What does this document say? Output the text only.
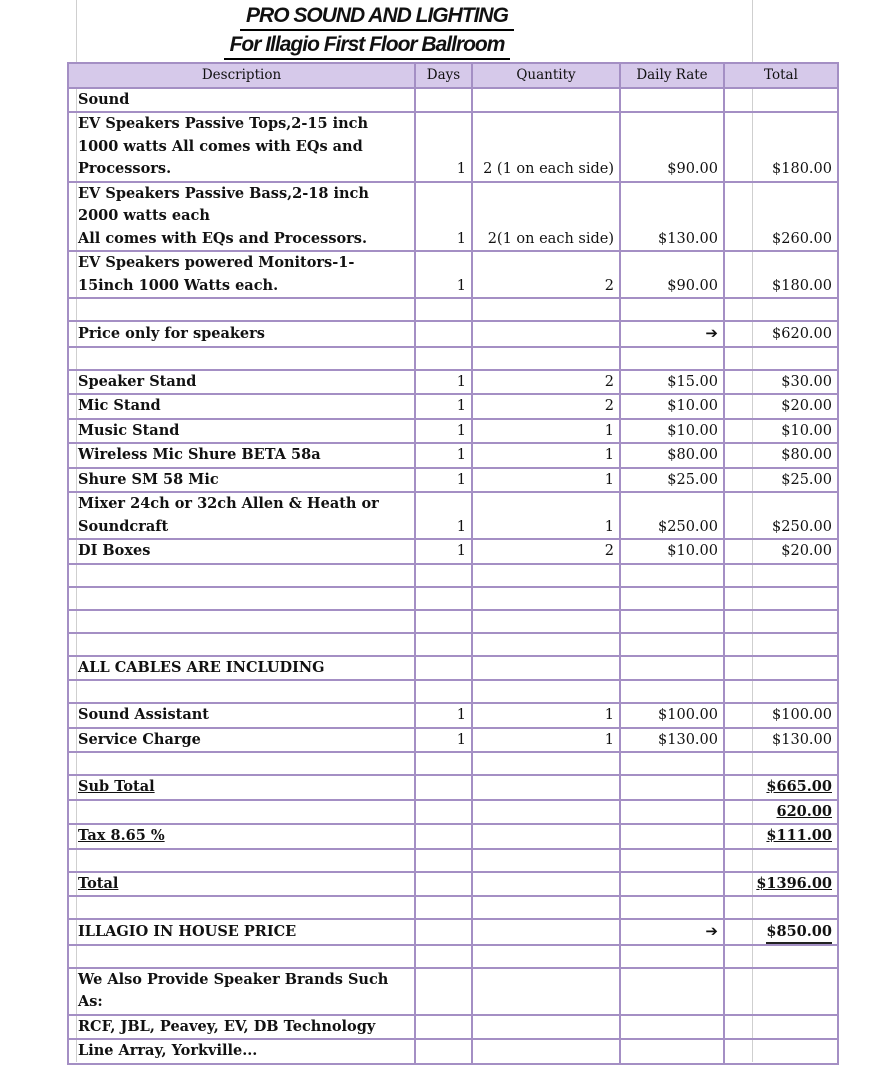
PRO SOUND AND LIGHTING
For Illagio First Floor Ballroom
Description	Days	Quantity	Daily Rate	Total
Sound				
EV Speakers Passive Tops,2-15 inch
1000 watts All comes with EQs and
Processors.	1	2 (1 on each side)	$90.00	$180.00
EV Speakers Passive Bass,2-18 inch
2000 watts each
All comes with EQs and Processors.	1	2(1 on each side)	$130.00	$260.00
EV Speakers powered Monitors-1-
15inch 1000 Watts each.	1	2	$90.00	$180.00

Price only for speakers			➔	$620.00

Speaker Stand	1	2	$15.00	$30.00
Mic Stand	1	2	$10.00	$20.00
Music Stand	1	1	$10.00	$10.00
Wireless Mic Shure BETA 58a	1	1	$80.00	$80.00
Shure SM 58 Mic	1	1	$25.00	$25.00
Mixer 24ch or 32ch Allen & Heath or
Soundcraft	1	1	$250.00	$250.00
DI Boxes	1	2	$10.00	$20.00

ALL CABLES ARE INCLUDING				

Sound Assistant	1	1	$100.00	$100.00
Service Charge	1	1	$130.00	$130.00

Sub Total				$665.00
				620.00
Tax 8.65 %				$111.00

Total				$1396.00

ILLAGIO IN HOUSE PRICE			➔	$850.00

We Also Provide Speaker Brands Such
As:				
RCF, JBL, Peavey, EV, DB Technology				
Line Array, Yorkville...				
